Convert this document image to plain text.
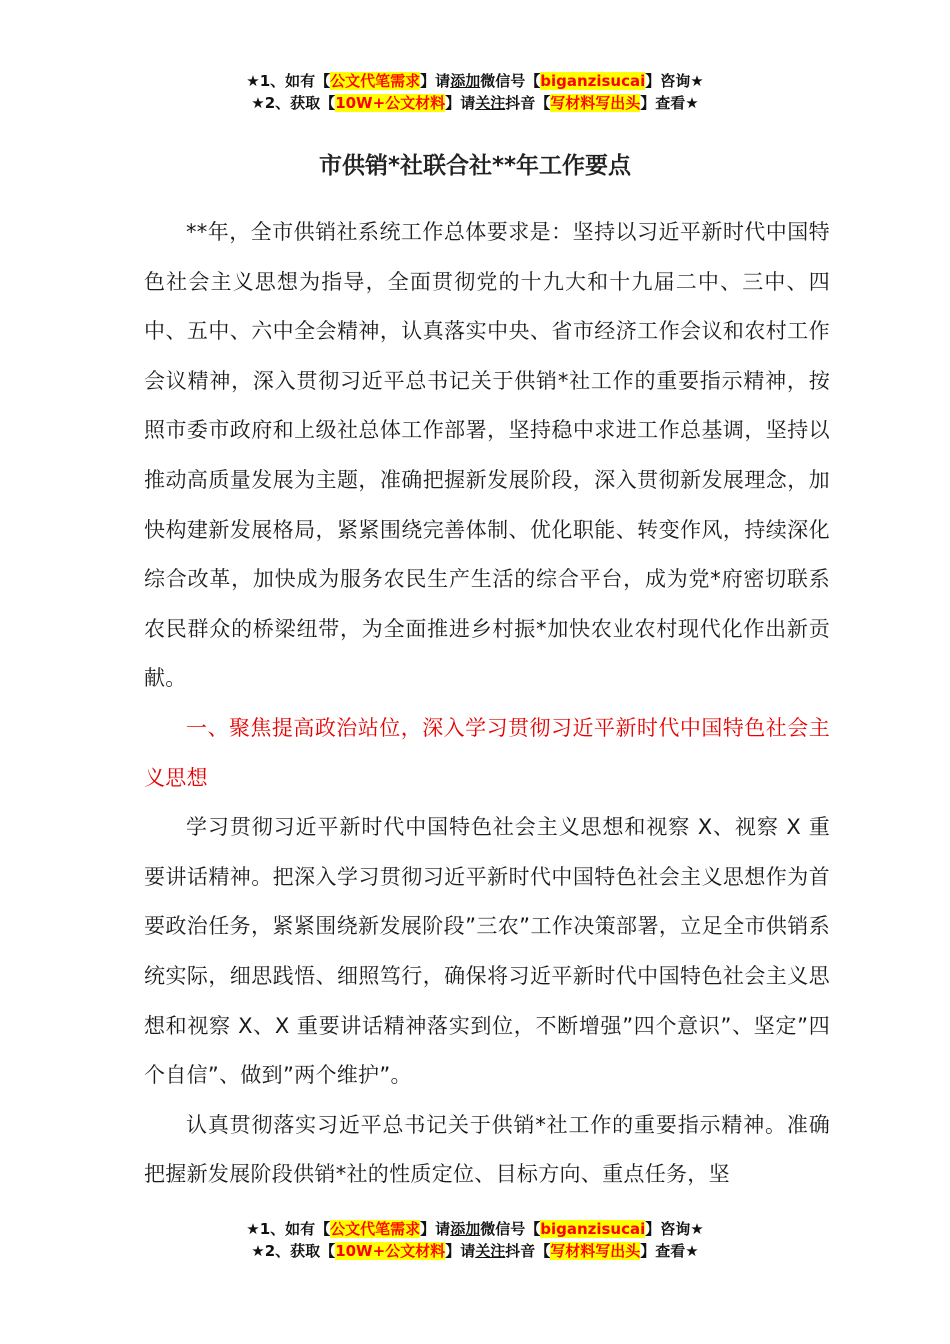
★1、如有【公文代笔需求】请添加微信号【biganzisucai】咨询★
★2、获取【10W+公文材料】请关注抖音【写材料写出头】查看★
市供销*社联合社**年工作要点

**年，全市供销社系统工作总体要求是：坚持以习近平新时代中国特色社会主义思想为指导，全面贯彻党的十九大和十九届二中、三中、四中、五中、六中全会精神，认真落实中央、省市经济工作会议和农村工作会议精神，深入贯彻习近平总书记关于供销*社工作的重要指示精神，按照市委市政府和上级社总体工作部署，坚持稳中求进工作总基调，坚持以推动高质量发展为主题，准确把握新发展阶段，深入贯彻新发展理念，加快构建新发展格局，紧紧围绕完善体制、优化职能、转变作风，持续深化综合改革，加快成为服务农民生产生活的综合平台，成为党*府密切联系农民群众的桥梁纽带，为全面推进乡村振*加快农业农村现代化作出新贡献。

一、聚焦提高政治站位，深入学习贯彻习近平新时代中国特色社会主义思想

学习贯彻习近平新时代中国特色社会主义思想和视察 X、视察 X 重要讲话精神。把深入学习贯彻习近平新时代中国特色社会主义思想作为首要政治任务，紧紧围绕新发展阶段”三农”工作决策部署，立足全市供销系统实际，细思践悟、细照笃行，确保将习近平新时代中国特色社会主义思想和视察 X、X 重要讲话精神落实到位，不断增强”四个意识”、坚定”四个自信”、做到”两个维护”。

认真贯彻落实习近平总书记关于供销*社工作的重要指示精神。准确把握新发展阶段供销*社的性质定位、目标方向、重点任务，坚

★1、如有【公文代笔需求】请添加微信号【biganzisucai】咨询★
★2、获取【10W+公文材料】请关注抖音【写材料写出头】查看★
